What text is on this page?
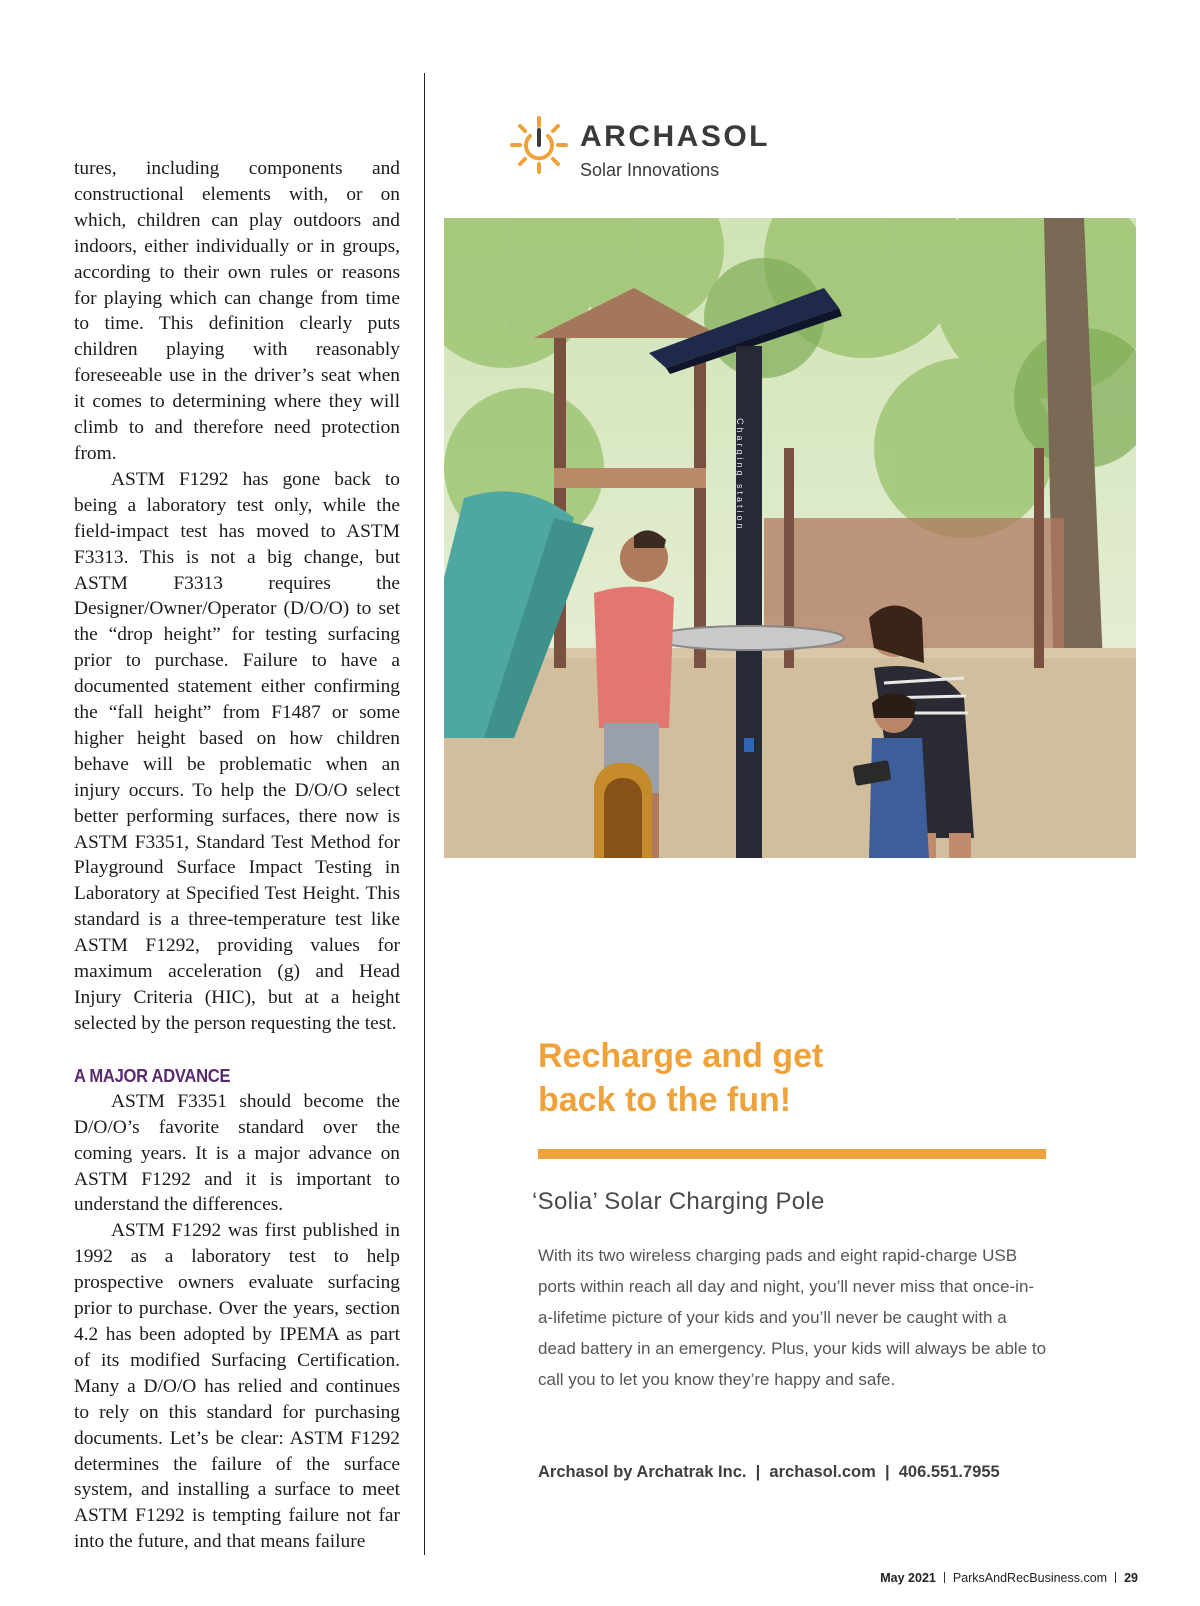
tures, including components and constructional elements with, or on which, children can play outdoors and indoors, either individually or in groups, according to their own rules or reasons for playing which can change from time to time. This definition clearly puts children playing with reasonably foreseeable use in the driver’s seat when it comes to determining where they will climb to and therefore need protection from.

ASTM F1292 has gone back to being a laboratory test only, while the field-impact test has moved to ASTM F3313. This is not a big change, but ASTM F3313 requires the Designer/Owner/Operator (D/O/O) to set the “drop height” for testing surfacing prior to purchase. Failure to have a documented statement either confirming the “fall height” from F1487 or some higher height based on how children behave will be problematic when an injury occurs. To help the D/O/O select better performing surfaces, there now is ASTM F3351, Standard Test Method for Playground Surface Impact Testing in Laboratory at Specified Test Height. This standard is a three-temperature test like ASTM F1292, providing values for maximum acceleration (g) and Head Injury Criteria (HIC), but at a height selected by the person requesting the test.

A MAJOR ADVANCE

ASTM F3351 should become the D/O/O’s favorite standard over the coming years. It is a major advance on ASTM F1292 and it is important to understand the differences.

ASTM F1292 was first published in 1992 as a laboratory test to help prospective owners evaluate surfacing prior to purchase. Over the years, section 4.2 has been adopted by IPEMA as part of its modified Surfacing Certification. Many a D/O/O has relied and continues to rely on this standard for purchasing documents. Let’s be clear: ASTM F1292 determines the failure of the surface system, and installing a surface to meet ASTM F1292 is tempting failure not far into the future, and that means failure

ARCHASOL
Solar Innovations
Charging station
Recharge and get
back to the fun!
‘Solia’ Solar Charging Pole
With its two wireless charging pads and eight rapid-charge USB ports within reach all day and night, you’ll never miss that once-in-a-lifetime picture of your kids and you’ll never be caught with a dead battery in an emergency. Plus, your kids will always be able to call you to let you know they’re happy and safe.
Archasol by Archatrak Inc.  |  archasol.com  |  406.551.7955
May 2021 ParksAndRecBusiness.com 29
